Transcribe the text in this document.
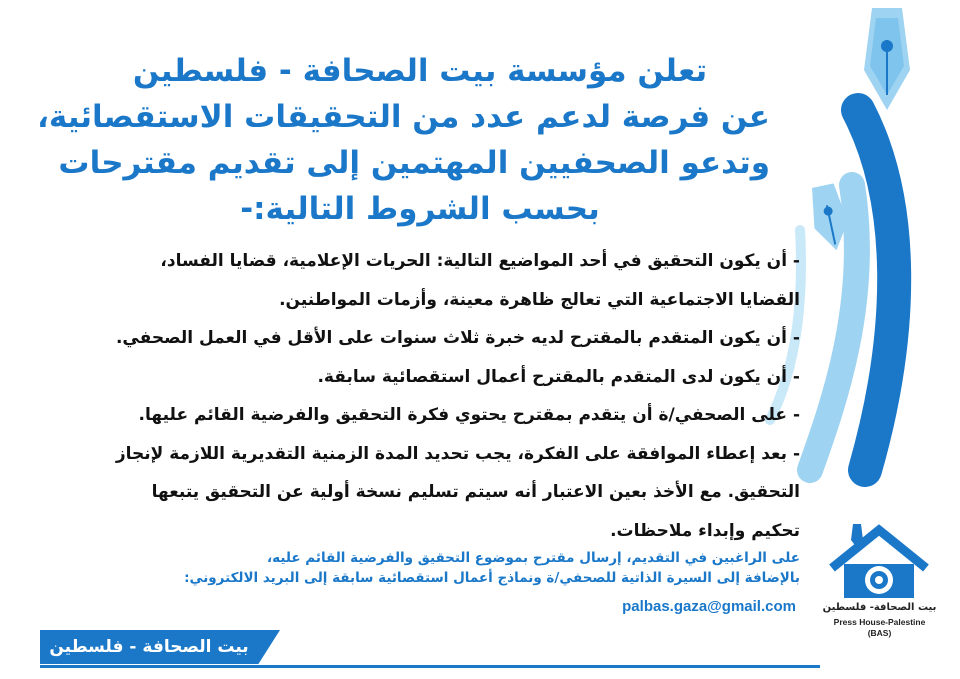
تعلن مؤسسة بيت الصحافة - فلسطين
عن فرصة لدعم عدد من التحقيقات الاستقصائية،
وتدعو الصحفيين المهتمين إلى تقديم مقترحات
بحسب الشروط التالية:-
- أن يكون التحقيق في أحد المواضيع التالية: الحريات الإعلامية، قضايا الفساد،
القضايا الاجتماعية التي تعالج ظاهرة معينة، وأزمات المواطنين.
- أن يكون المتقدم بالمقترح لديه خبرة ثلاث سنوات على الأقل في العمل الصحفي.
- أن يكون لدى المتقدم بالمقترح أعمال استقصائية سابقة.
- على الصحفي/ة أن يتقدم بمقترح يحتوي فكرة التحقيق والفرضية القائم عليها.
- بعد إعطاء الموافقة على الفكرة، يجب تحديد المدة الزمنية التقديرية اللازمة لإنجاز
التحقيق. مع الأخذ بعين الاعتبار أنه سيتم تسليم نسخة أولية عن التحقيق يتبعها
تحكيم وإبداء ملاحظات.
على الراغبين في التقديم، إرسال مقترح بموضوع التحقيق والفرضية القائم عليه،
بالإضافة إلى السيرة الذاتية للصحفي/ة ونماذج أعمال استقصائية سابقة إلى البريد الالكتروني:
palbas.gaza@gmail.com
بيت الصحافة - فلسطين
بيت الصحافة- فلسطين
Press House-Palestine
(BAS)
